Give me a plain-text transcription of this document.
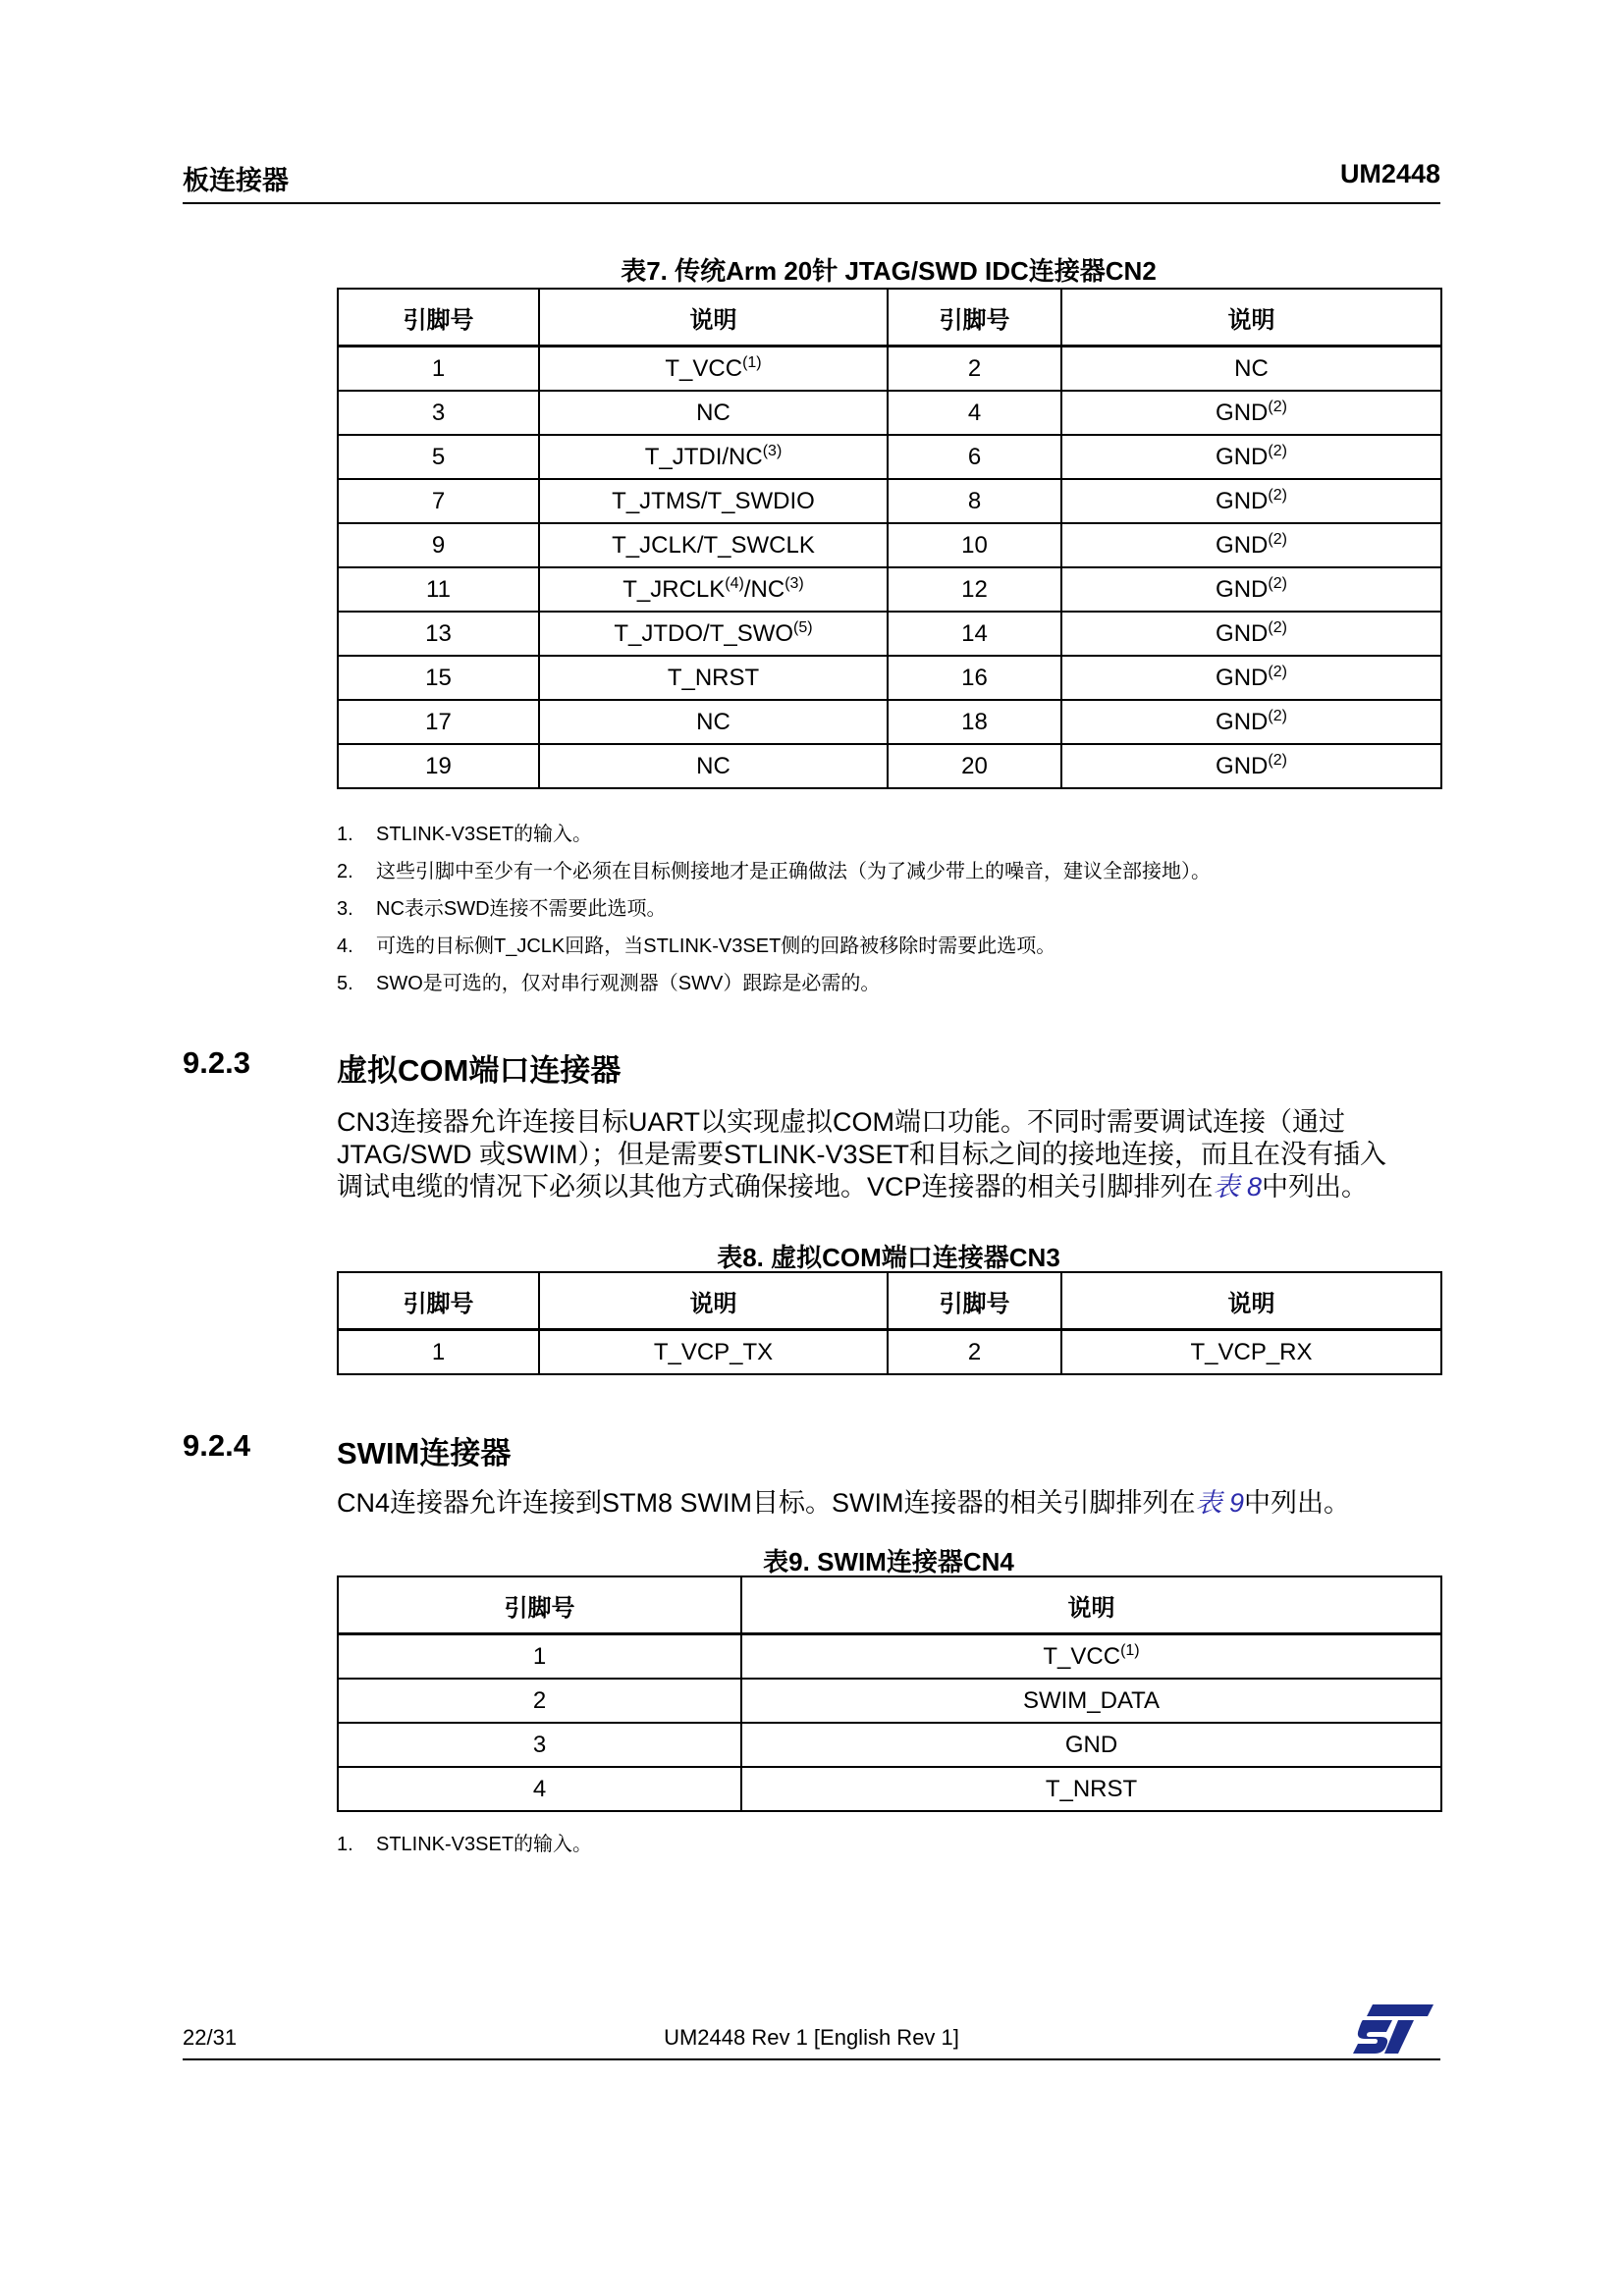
板连接器	UM2448
表7. 传统Arm 20针 JTAG/SWD IDC连接器CN2
引脚号	说明	引脚号	说明
1	T_VCC$^{(1)}$	2	NC
3	NC	4	GND$^{(2)}$
5	T_JTDI/NC$^{(3)}$	6	GND$^{(2)}$
7	T_JTMS/T_SWDIO	8	GND$^{(2)}$
9	T_JCLK/T_SWCLK	10	GND$^{(2)}$
11	T_JRCLK$^{(4)}$/NC$^{(3)}$	12	GND$^{(2)}$
13	T_JTDO/T_SWO$^{(5)}$	14	GND$^{(2)}$
15	T_NRST	16	GND$^{(2)}$
17	NC	18	GND$^{(2)}$
19	NC	20	GND$^{(2)}$
1. STLINK-V3SET的输入。
2. 这些引脚中至少有一个必须在目标侧接地才是正确做法（为了减少带上的噪音，建议全部接地）。
3. NC表示SWD连接不需要此选项。
4. 可选的目标侧T_JCLK回路，当STLINK-V3SET侧的回路被移除时需要此选项。
5. SWO是可选的，仅对串行观测器（SWV）跟踪是必需的。
9.2.3	虚拟COM端口连接器
CN3连接器允许连接目标UART以实现虚拟COM端口功能。不同时需要调试连接（通过
JTAG/SWD 或SWIM）；但是需要STLINK-V3SET和目标之间的接地连接，而且在没有插入
调试电缆的情况下必须以其他方式确保接地。VCP连接器的相关引脚排列在表 8中列出。
表8. 虚拟COM端口连接器CN3
引脚号	说明	引脚号	说明
1	T_VCP_TX	2	T_VCP_RX
9.2.4	SWIM连接器
CN4连接器允许连接到STM8 SWIM目标。SWIM连接器的相关引脚排列在表 9中列出。
表9. SWIM连接器CN4
引脚号	说明
1	T_VCC$^{(1)}$
2	SWIM_DATA
3	GND
4	T_NRST
1. STLINK-V3SET的输入。
22/31	UM2448 Rev 1 [English Rev 1]
